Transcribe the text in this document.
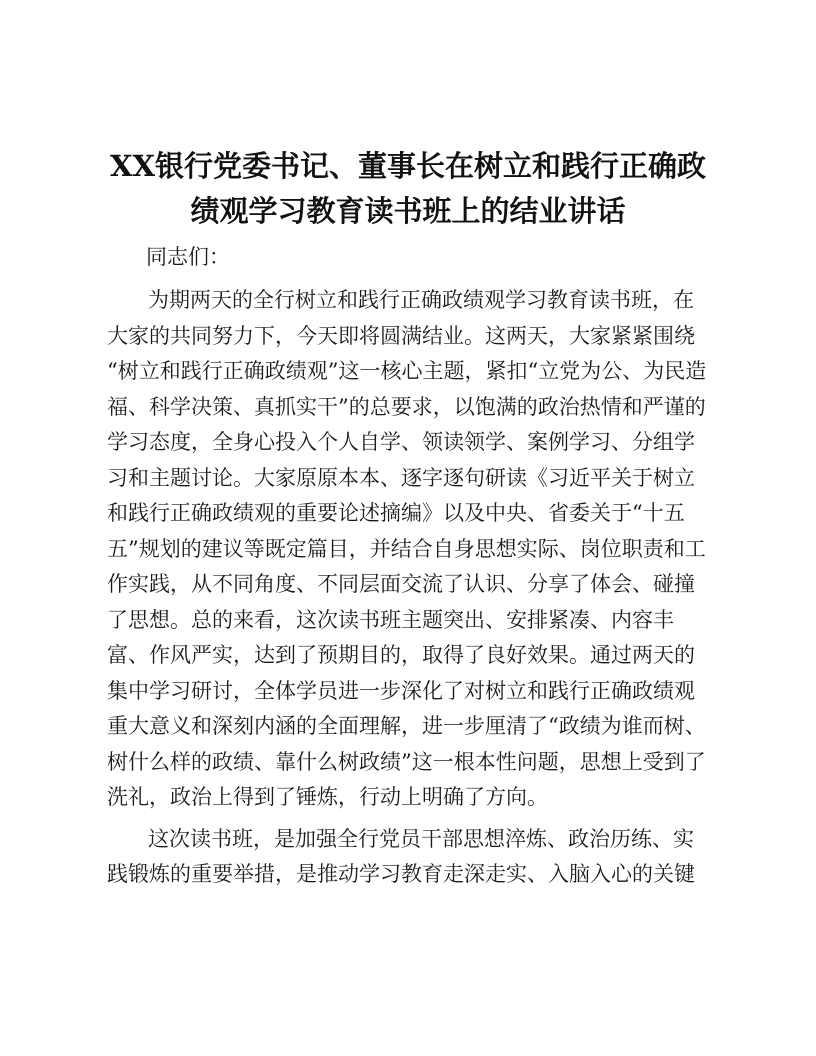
XX银行党委书记、董事长在树立和践行正确政
绩观学习教育读书班上的结业讲话
同志们：
为期两天的全行树立和践行正确政绩观学习教育读书班，在
大家的共同努力下，今天即将圆满结业。这两天，大家紧紧围绕
“树立和践行正确政绩观”这一核心主题，紧扣“立党为公、为民造
福、科学决策、真抓实干”的总要求，以饱满的政治热情和严谨的
学习态度，全身心投入个人自学、领读领学、案例学习、分组学
习和主题讨论。大家原原本本、逐字逐句研读《习近平关于树立
和践行正确政绩观的重要论述摘编》以及中央、省委关于“十五
五”规划的建议等既定篇目，并结合自身思想实际、岗位职责和工
作实践，从不同角度、不同层面交流了认识、分享了体会、碰撞
了思想。总的来看，这次读书班主题突出、安排紧凑、内容丰
富、作风严实，达到了预期目的，取得了良好效果。通过两天的
集中学习研讨，全体学员进一步深化了对树立和践行正确政绩观
重大意义和深刻内涵的全面理解，进一步厘清了“政绩为谁而树、
树什么样的政绩、靠什么树政绩”这一根本性问题，思想上受到了
洗礼，政治上得到了锤炼，行动上明确了方向。
这次读书班，是加强全行党员干部思想淬炼、政治历练、实
践锻炼的重要举措，是推动学习教育走深走实、入脑入心的关键
